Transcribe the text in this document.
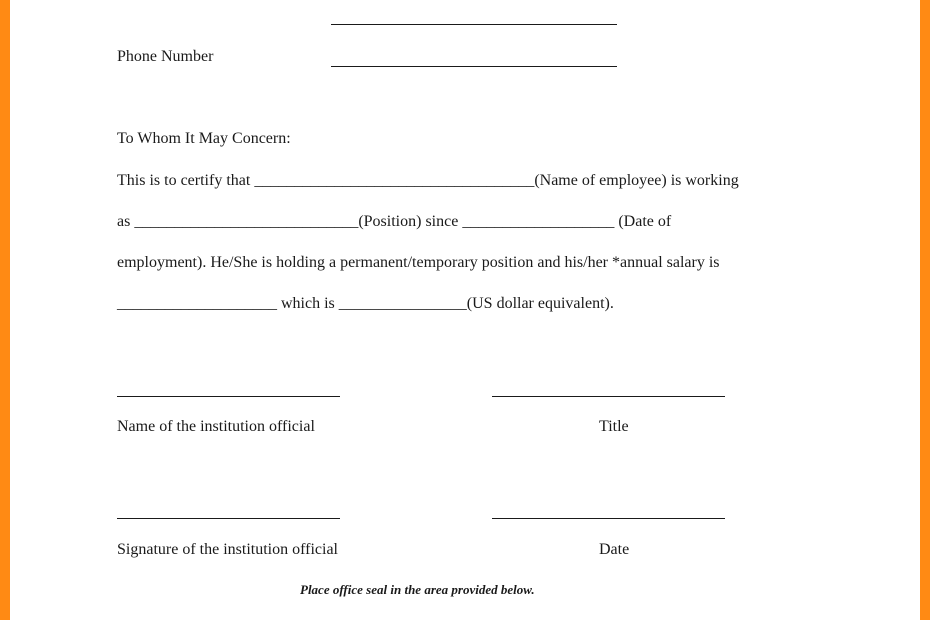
Phone Number
To Whom It May Concern:
This is to certify that ___________________________________(Name of employee) is working
as ____________________________(Position) since ___________________ (Date of
employment). He/She is holding a permanent/temporary position and his/her *annual salary is
____________________ which is ________________(US dollar equivalent).
Name of the institution official	Title
Signature of the institution official	Date
Place office seal in the area provided below.
